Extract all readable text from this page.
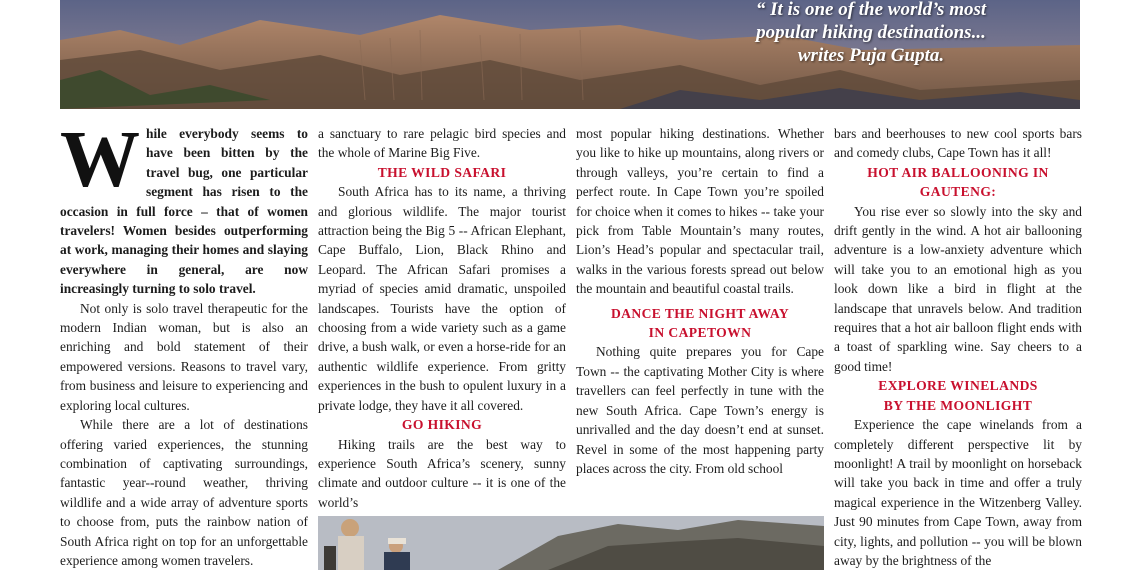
“ It is one of the world’s most
popular hiking destinations...
writes Puja Gupta.

W hile everybody seems to have been bitten by the travel bug, one particular segment has risen to the occasion in full force – that of women travelers! Women besides outperforming at work, managing their homes and slaying everywhere in general, are now increasingly turning to solo travel.

Not only is solo travel therapeutic for the modern Indian woman, but is also an enriching and bold statement of their empowered versions. Reasons to travel vary, from business and leisure to experiencing and exploring local cultures.

While there are a lot of destinations offering varied experiences, the stunning combination of captivating surroundings, fantastic year--round weather, thriving wildlife and a wide array of adventure sports to choose from, puts the rainbow nation of South Africa right on top for an unforgettable experience among women travelers.

a sanctuary to rare pelagic bird species and the whole of Marine Big Five.

THE WILD SAFARI

South Africa has to its name, a thriving and glorious wildlife. The major tourist attraction being the Big 5 -- African Elephant, Cape Buffalo, Lion, Black Rhino and Leopard. The African Safari promises a myriad of species amid dramatic, unspoiled landscapes. Tourists have the option of choosing from a wide variety such as a game drive, a bush walk, or even a horse-ride for an authentic wildlife experience. From gritty experiences in the bush to opulent luxury in a private lodge, they have it all covered.

GO HIKING

Hiking trails are the best way to experience South Africa’s scenery, sunny climate and outdoor culture -- it is one of the world’s

most popular hiking destinations. Whether you like to hike up mountains, along rivers or through valleys, you’re certain to find a perfect route. In Cape Town you’re spoiled for choice when it comes to hikes -- take your pick from Table Mountain’s many routes, Lion’s Head’s popular and spectacular trail, walks in the various forests spread out below the mountain and beautiful coastal trails.

DANCE THE NIGHT AWAY
IN CAPETOWN

Nothing quite prepares you for Cape Town -- the captivating Mother City is where travellers can feel perfectly in tune with the new South Africa. Cape Town’s energy is unrivalled and the day doesn’t end at sunset. Revel in some of the most happening party places across the city. From old school

bars and beerhouses to new cool sports bars and comedy clubs, Cape Town has it all!

HOT AIR BALLOONING IN
GAUTENG:

You rise ever so slowly into the sky and drift gently in the wind. A hot air ballooning adventure is a low-anxiety adventure which will take you to an emotional high as you look down like a bird in flight at the landscape that unravels below. And tradition requires that a hot air balloon flight ends with a toast of sparkling wine. Say cheers to a good time!

EXPLORE WINELANDS
BY THE MOONLIGHT

Experience the cape winelands from a completely different perspective lit by moonlight! A trail by moonlight on horseback will take you back in time and offer a truly magical experience in the Witzenberg Valley. Just 90 minutes from Cape Town, away from city, lights, and pollution -- you will be blown away by the brightness of the
